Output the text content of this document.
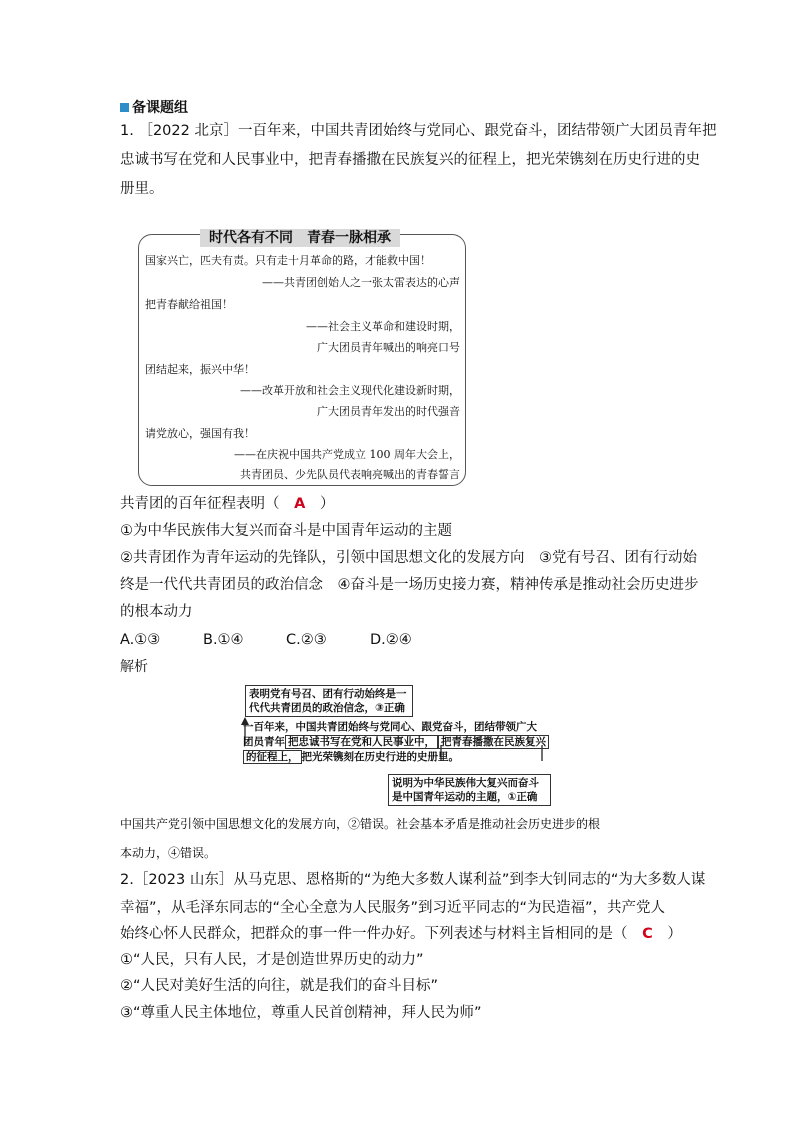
备课题组
1. ［2022 北京］一百年来，中国共青团始终与党同心、跟党奋斗，团结带领广大团员青年把
忠诚书写在党和人民事业中，把青春播撒在民族复兴的征程上，把光荣镌刻在历史行进的史
册里。
时代各有不同　青春一脉相承
国家兴亡，匹夫有责。只有走十月革命的路，才能救中国！
——共青团创始人之一张太雷表达的心声
把青春献给祖国！
——社会主义革命和建设时期，
广大团员青年喊出的响亮口号
团结起来，振兴中华！
——改革开放和社会主义现代化建设新时期，
广大团员青年发出的时代强音
请党放心，强国有我！
——在庆祝中国共产党成立 100 周年大会上，
共青团员、少先队员代表响亮喊出的青春誓言
共青团的百年征程表明（ A ）
①为中华民族伟大复兴而奋斗是中国青年运动的主题
②共青团作为青年运动的先锋队，引领中国思想文化的发展方向　③党有号召、团有行动始
终是一代代共青团员的政治信念　④奋斗是一场历史接力赛，精神传承是推动社会历史进步
的根本动力
A.①③	B.①④	C.②③	D.②④
解析
表明党有号召、团有行动始终是一
代代共青团员的政治信念，③正确
一百年来，中国共青团始终与党同心、跟党奋斗，团结带领广大
团员青年 把忠诚书写在党和人民事业中， 把青春播撒在民族复兴
的征程上， 把光荣镌刻在历史行进的史册里。
说明为中华民族伟大复兴而奋斗
是中国青年运动的主题，①正确
中国共产党引领中国思想文化的发展方向，②错误。社会基本矛盾是推动社会历史进步的根
本动力，④错误。
2.［2023 山东］从马克思、恩格斯的“为绝大多数人谋利益”到李大钊同志的“为大多数人谋
幸福”，从毛泽东同志的“全心全意为人民服务”到习近平同志的“为民造福”，共产党人
始终心怀人民群众，把群众的事一件一件办好。下列表述与材料主旨相同的是（ C ）
①“人民，只有人民，才是创造世界历史的动力”
②“人民对美好生活的向往，就是我们的奋斗目标”
③“尊重人民主体地位，尊重人民首创精神，拜人民为师”
